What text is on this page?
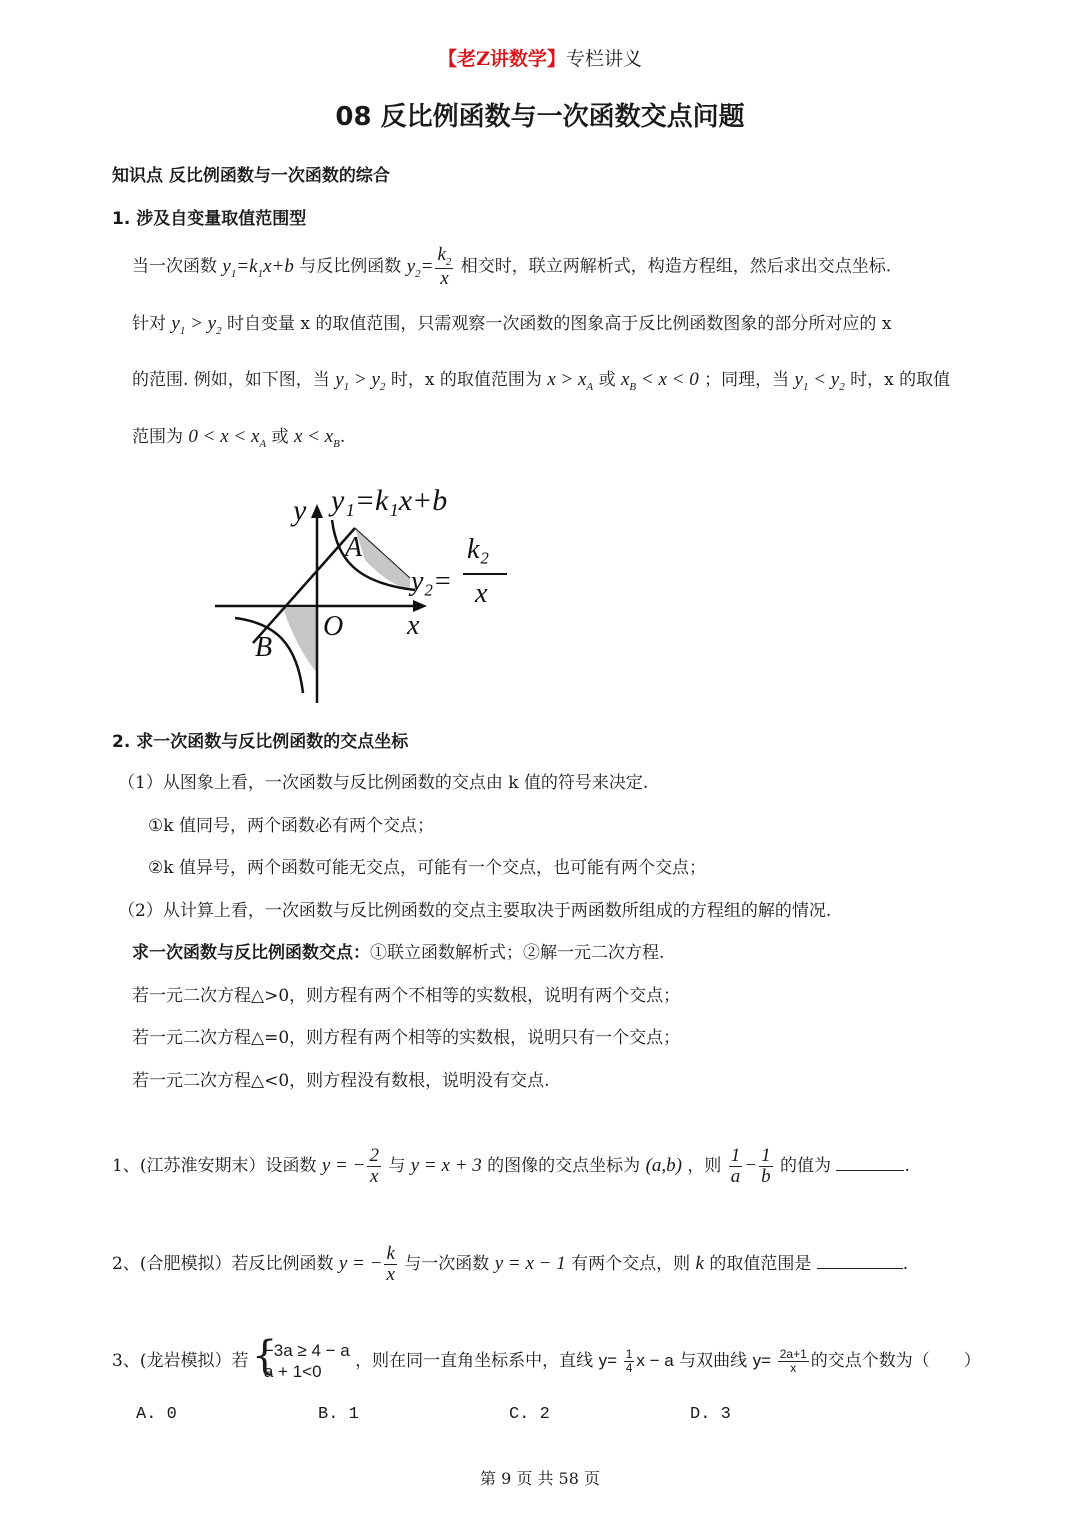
【老Z讲数学】专栏讲义
08 反比例函数与一次函数交点问题
知识点 反比例函数与一次函数的综合
1. 涉及自变量取值范围型
当一次函数 $y_1=k_1x+b$ 与反比例函数 $y_2= \frac{k_2}{x}$ 相交时，联立两解析式，构造方程组，然后求出交点坐标.
针对 $y_1 > y_2$ 时自变量 x 的取值范围，只需观察一次函数的图象高于反比例函数图象的部分所对应的 x
的范围. 例如，如下图，当 $y_1 > y_2$ 时，x 的取值范围为 $x > x_A$ 或 $x_B < x < 0$ ；同理，当 $y_1 < y_2$ 时，x 的取值
范围为 $0 < x < x_A$ 或 $x < x_B$.
y
x
O
A
B
y₁=k₁x+b
y₂=
k₂
x
2. 求一次函数与反比例函数的交点坐标
（1）从图象上看，一次函数与反比例函数的交点由 k 值的符号来决定.
①k 值同号，两个函数必有两个交点；
②k 值异号，两个函数可能无交点，可能有一个交点，也可能有两个交点；
（2）从计算上看，一次函数与反比例函数的交点主要取决于两函数所组成的方程组的解的情况.
求一次函数与反比例函数交点：①联立函数解析式；②解一元二次方程.
若一元二次方程△>0，则方程有两个不相等的实数根，说明有两个交点；
若一元二次方程△=0，则方程有两个相等的实数根，说明只有一个交点；
若一元二次方程△<0，则方程没有数根，说明没有交点.
1、(江苏淮安期末）设函数 y = − $\frac{2}{x}$ 与 y = x + 3 的图像的交点坐标为 (a,b) ，则 $\frac{1}{a} - \frac{1}{b}$ 的值为	.
2、(合肥模拟）若反比例函数 y = − $\frac{k}{x}$ 与一次函数 y = x − 1 有两个交点，则 k 的取值范围是	.
3、(龙岩模拟）若 {
−3a ≥ 4 − a
a + 1<0
，则在同一直角坐标系中，直线 $y= \frac{1}{4}$ x − a 与双曲线 $y= \frac{2a+1}{x}$ 的交点个数为（　　）
A. 0	B. 1	C. 2	D. 3
第 9 页 共 58 页
